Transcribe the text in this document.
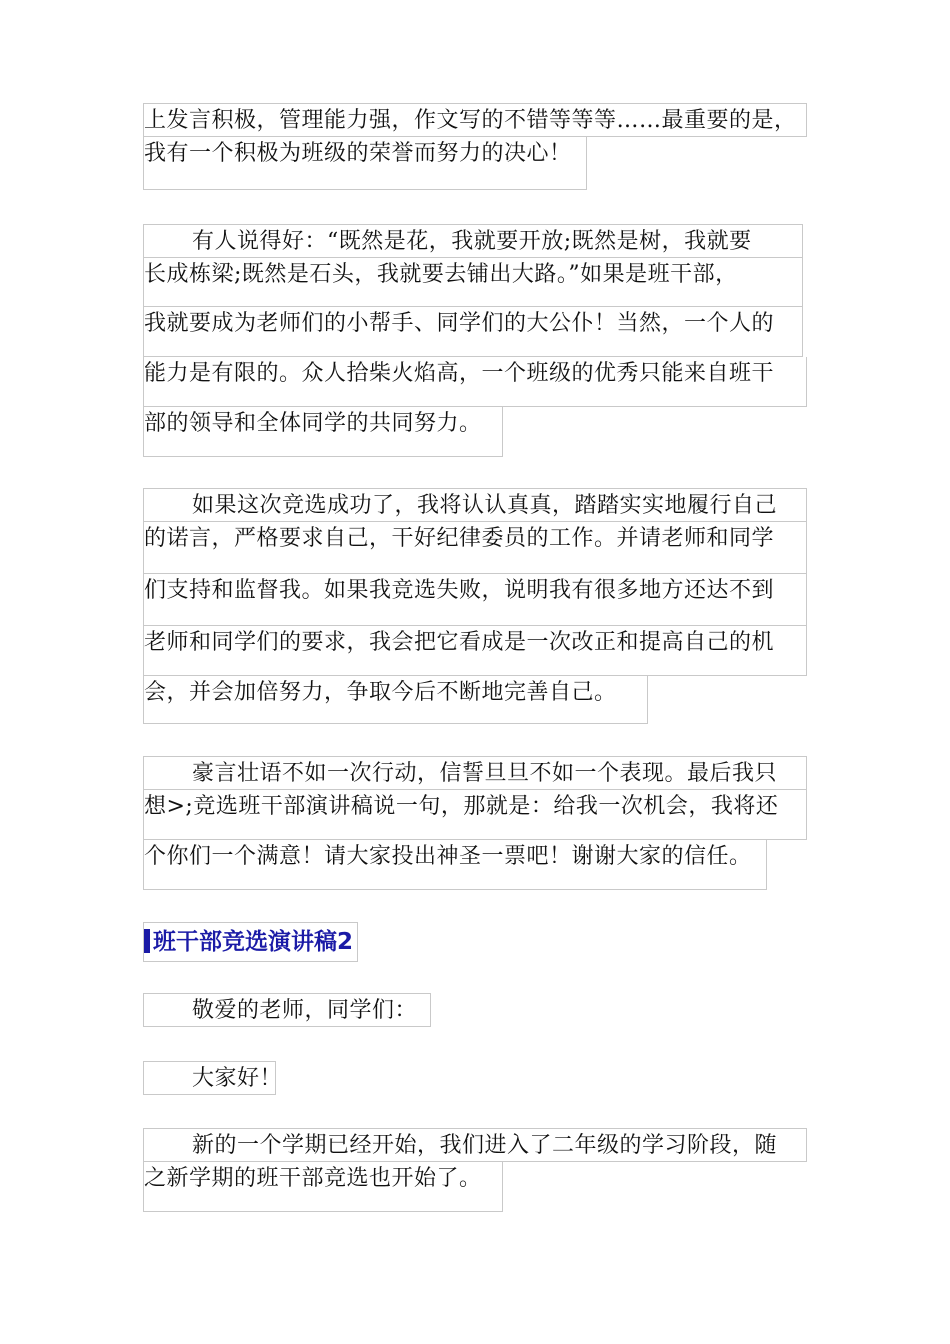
上发言积极，管理能力强，作文写的不错等等等……最重要的是，
我有一个积极为班级的荣誉而努力的决心！
有人说得好：“既然是花，我就要开放;既然是树，我就要
长成栋梁;既然是石头，我就要去铺出大路。”如果是班干部，
我就要成为老师们的小帮手、同学们的大公仆！当然，一个人的
能力是有限的。众人拾柴火焰高，一个班级的优秀只能来自班干
部的领导和全体同学的共同努力。
如果这次竞选成功了，我将认认真真，踏踏实实地履行自己
的诺言，严格要求自己，干好纪律委员的工作。并请老师和同学
们支持和监督我。如果我竞选失败，说明我有很多地方还达不到
老师和同学们的要求，我会把它看成是一次改正和提高自己的机
会，并会加倍努力，争取今后不断地完善自己。
豪言壮语不如一次行动，信誓旦旦不如一个表现。最后我只
想>;竞选班干部演讲稿说一句，那就是：给我一次机会，我将还
个你们一个满意！请大家投出神圣一票吧！谢谢大家的信任。
班干部竞选演讲稿2
敬爱的老师，同学们：
大家好！
新的一个学期已经开始，我们进入了二年级的学习阶段，随
之新学期的班干部竞选也开始了。
